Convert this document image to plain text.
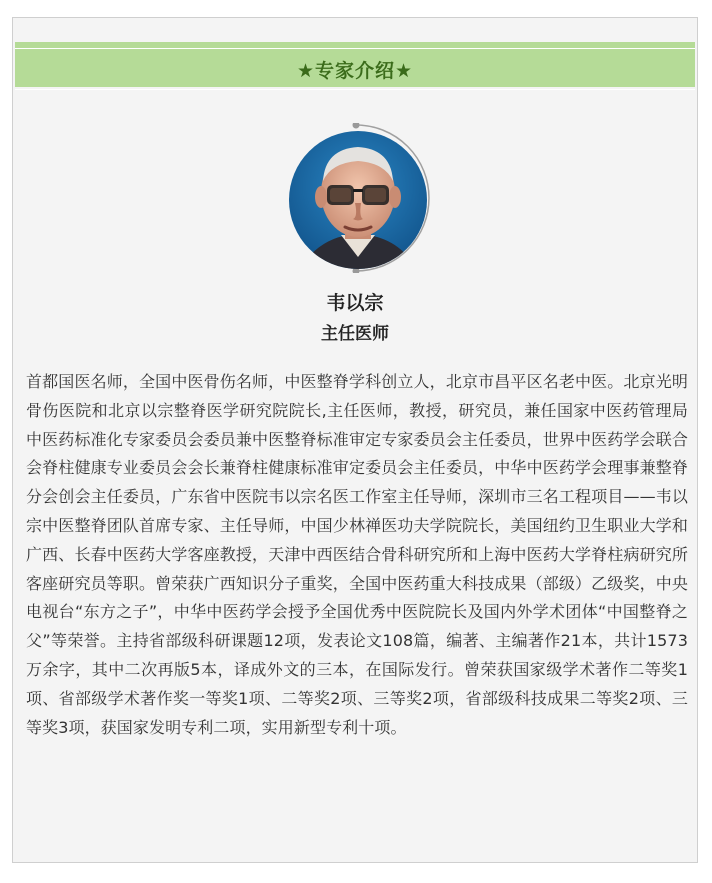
★专家介绍★
韦以宗
主任医师

首都国医名师，全国中医骨伤名师，中医整脊学科创立人，北京市昌平区名老中医。北京光明骨伤医院和北京以宗整脊医学研究院院长,主任医师，教授，研究员，兼任国家中医药管理局中医药标准化专家委员会委员兼中医整脊标准审定专家委员会主任委员，世界中医药学会联合会脊柱健康专业委员会会长兼脊柱健康标准审定委员会主任委员，中华中医药学会理事兼整脊分会创会主任委员，广东省中医院韦以宗名医工作室主任导师，深圳市三名工程项目——韦以宗中医整脊团队首席专家、主任导师，中国少林禅医功夫学院院长，美国纽约卫生职业大学和广西、长春中医药大学客座教授，天津中西医结合骨科研究所和上海中医药大学脊柱病研究所客座研究员等职。曾荣获广西知识分子重奖，全国中医药重大科技成果（部级）乙级奖，中央电视台“东方之子”，中华中医药学会授予全国优秀中医院院长及国内外学术团体“中国整脊之父”等荣誉。主持省部级科研课题12项，发表论文108篇，编著、主编著作21本，共计1573万余字，其中二次再版5本，译成外文的三本，在国际发行。曾荣获国家级学术著作二等奖1项、省部级学术著作奖一等奖1项、二等奖2项、三等奖2项，省部级科技成果二等奖2项、三等奖3项，获国家发明专利二项，实用新型专利十项。
